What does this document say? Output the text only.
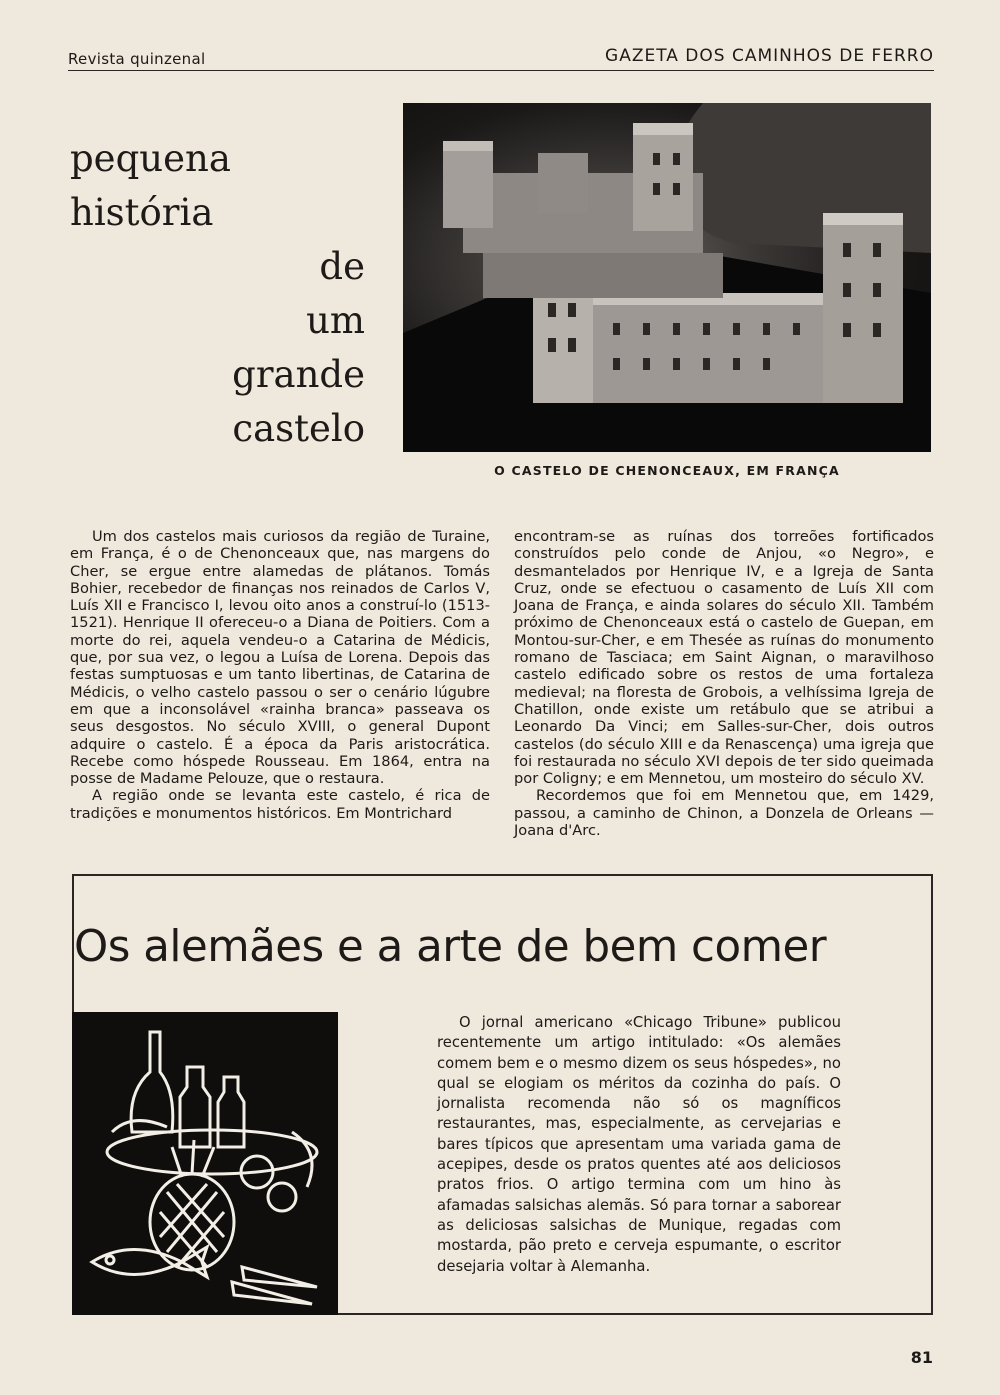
Revista quinzenal	GAZETA DOS CAMINHOS DE FERRO
pequena
história
de
um
grande
castelo
O CASTELO DE CHENONCEAUX, EM FRANÇA

Um dos castelos mais curiosos da região de Turaine, em França, é o de Chenonceaux que, nas margens do Cher, se ergue entre alamedas de plátanos. Tomás Bohier, recebedor de finanças nos reinados de Carlos V, Luís XII e Francisco I, levou oito anos a construí-lo (1513-1521). Henrique II ofereceu-o a Diana de Poitiers. Com a morte do rei, aquela vendeu-o a Catarina de Médicis, que, por sua vez, o legou a Luísa de Lorena. Depois das festas sumptuosas e um tanto libertinas, de Catarina de Médicis, o velho castelo passou o ser o cenário lúgubre em que a inconsolável «rainha branca» passeava os seus desgostos. No século XVIII, o general Dupont adquire o castelo. É a época da Paris aristocrática. Recebe como hóspede Rousseau. Em 1864, entra na posse de Madame Pelouze, que o restaura.

A região onde se levanta este castelo, é rica de tradições e monumentos históricos. Em Montrichard

encontram-se as ruínas dos torreões fortificados construídos pelo conde de Anjou, «o Negro», e desmantelados por Henrique IV, e a Igreja de Santa Cruz, onde se efectuou o casamento de Luís XII com Joana de França, e ainda solares do século XII. Também próximo de Chenonceaux está o castelo de Guepan, em Montou-sur-Cher, e em Thesée as ruínas do monumento romano de Tasciaca; em Saint Aignan, o maravilhoso castelo edificado sobre os restos de uma fortaleza medieval; na floresta de Grobois, a velhíssima Igreja de Chatillon, onde existe um retábulo que se atribui a Leonardo Da Vinci; em Salles-sur-Cher, dois outros castelos (do século XIII e da Renascença) uma igreja que foi restaurada no século XVI depois de ter sido queimada por Coligny; e em Mennetou, um mosteiro do século XV.

Recordemos que foi em Mennetou que, em 1429, passou, a caminho de Chinon, a Donzela de Orleans — Joana d'Arc.

Os alemães e a arte de bem comer

O jornal americano «Chicago Tribune» publicou recentemente um artigo intitulado: «Os alemães comem bem e o mesmo dizem os seus hóspedes», no qual se elogiam os méritos da cozinha do país. O jornalista recomenda não só os magníficos restaurantes, mas, especialmente, as cervejarias e bares típicos que apresentam uma variada gama de acepipes, desde os pratos quentes até aos deliciosos pratos frios. O artigo termina com um hino às afamadas salsichas alemãs. Só para tornar a saborear as deliciosas salsichas de Munique, regadas com mostarda, pão preto e cerveja espumante, o escritor desejaria voltar à Alemanha.

81
